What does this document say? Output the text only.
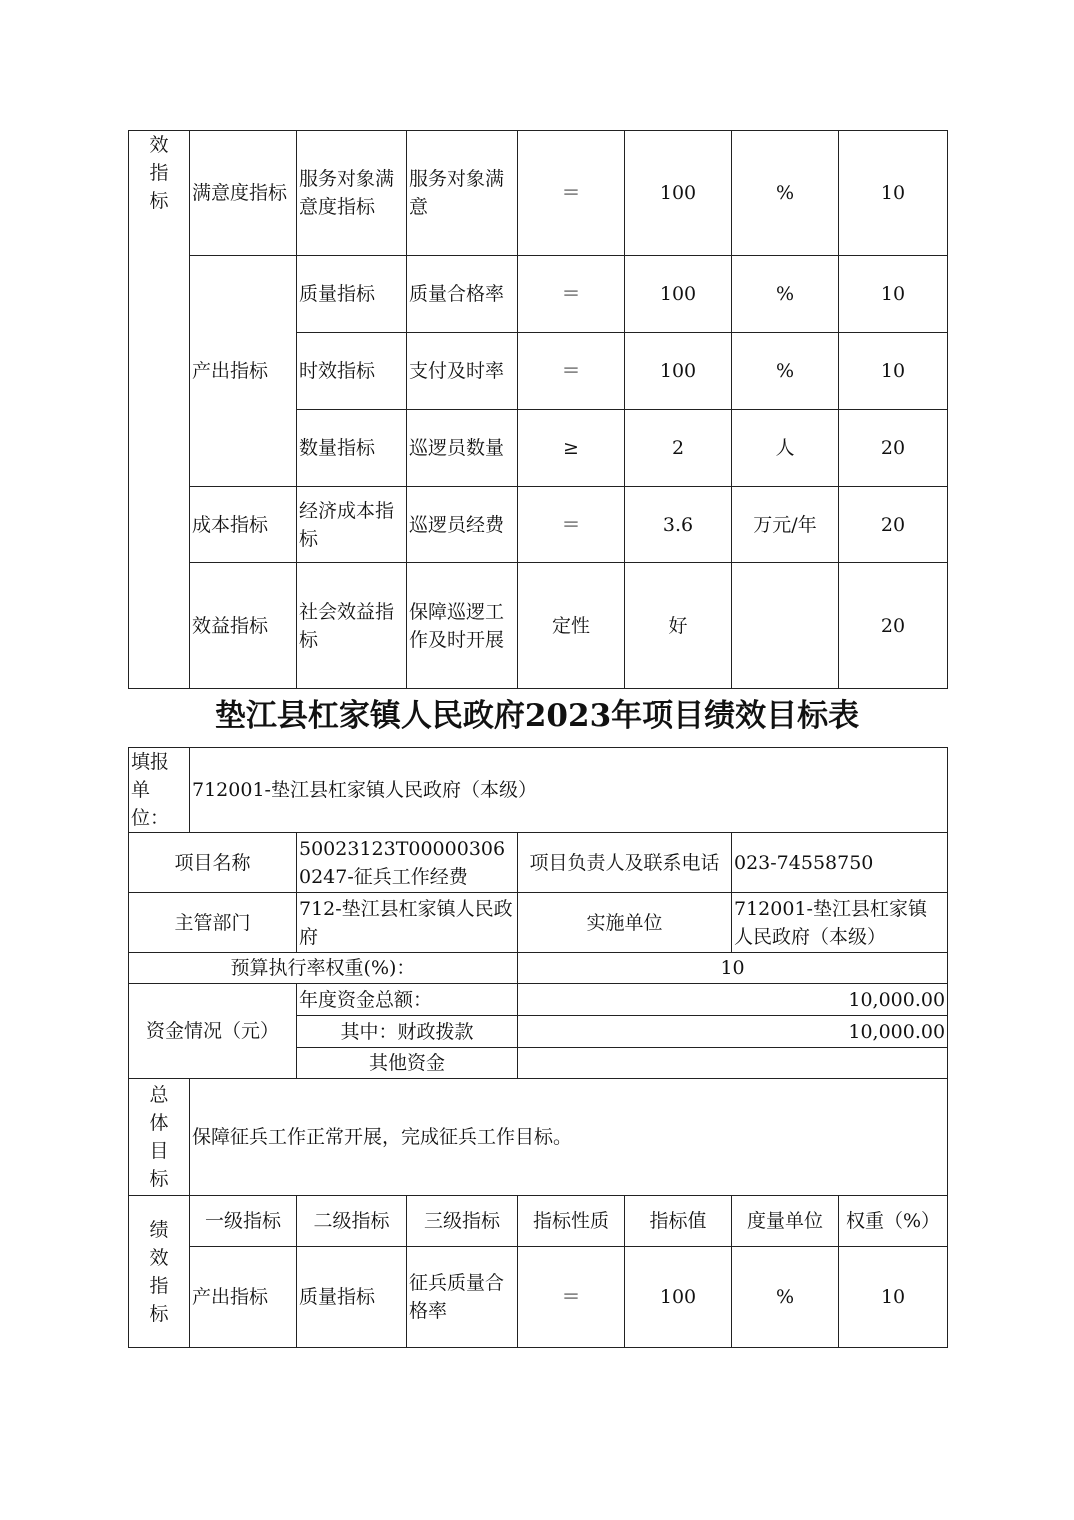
效
指
标	满意度指标	服务对象满意度指标	服务对象满意	＝	100	%	10
	产出指标	质量指标	质量合格率	＝	100	%	10
		时效指标	支付及时率	＝	100	%	10
		数量指标	巡逻员数量	≥	2	人	20
	成本指标	经济成本指标	巡逻员经费	＝	3.6	万元/年	20
	效益指标	社会效益指标	保障巡逻工作及时开展	定性	好		20
垫江县杠家镇人民政府2023年项目绩效目标表
填报单位：	712001-垫江县杠家镇人民政府（本级）						
项目名称		50023123T000003060247-征兵工作经费		项目负责人及联系电话		023-74558750	
主管部门		712-垫江县杠家镇人民政府		实施单位		712001-垫江县杠家镇人民政府（本级）	
预算执行率权重(%)：				10			
资金情况（元）		年度资金总额：		10,000.00			
		其中：财政拨款		10,000.00			
		其他资金					

总
体
目
标	保障征兵工作正常开展，完成征兵工作目标。						

绩
效
指
标	一级指标	二级指标	三级指标	指标性质	指标值	度量单位	权重（%）
	产出指标	质量指标	征兵质量合格率	＝	100	%	10
